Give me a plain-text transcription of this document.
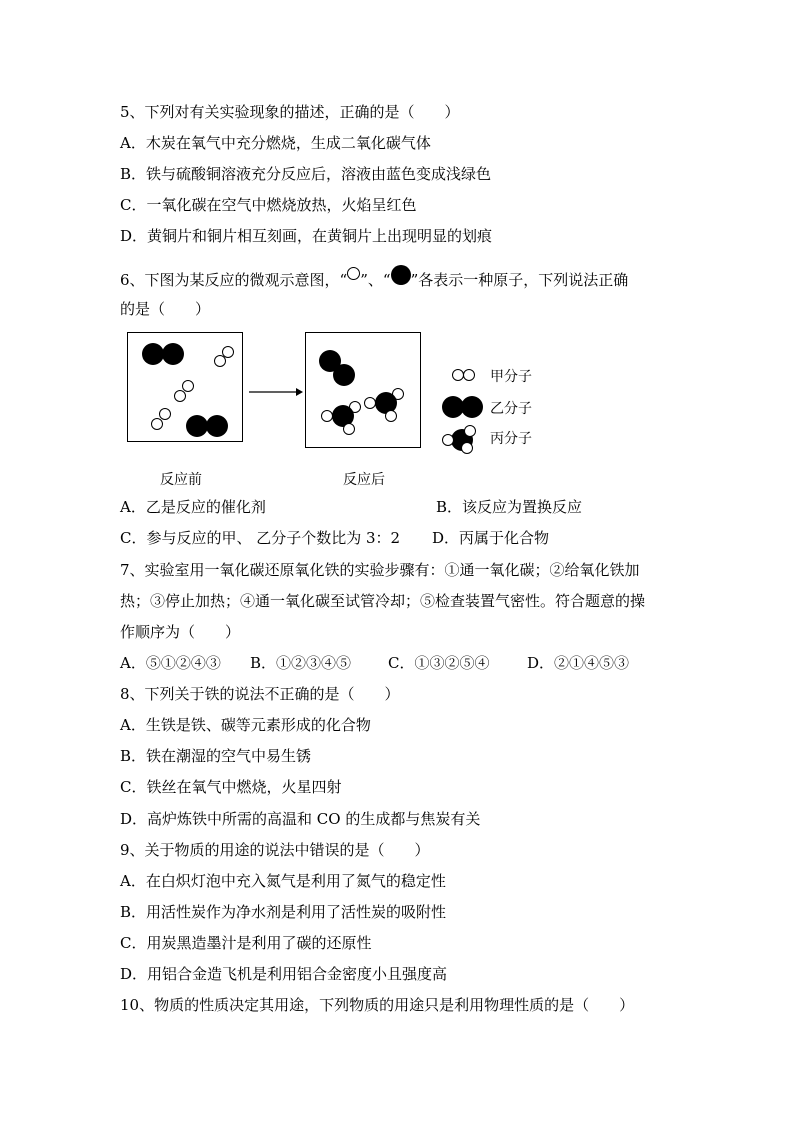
5、下列对有关实验现象的描述，正确的是（　　）
A．木炭在氧气中充分燃烧，生成二氧化碳气体
B．铁与硫酸铜溶液充分反应后，溶液由蓝色变成浅绿色
C．一氧化碳在空气中燃烧放热，火焰呈红色
D．黄铜片和铜片相互刻画，在黄铜片上出现明显的划痕
6、下图为某反应的微观示意图，“ ”、“ ”各表示一种原子，下列说法正确
的是（　　）
甲分子
乙分子
丙分子
反应前	反应后
A．乙是反应的催化剂	B．该反应为置换反应
C．参与反应的甲、 乙分子个数比为 3：2 D．丙属于化合物
7、实验室用一氧化碳还原氧化铁的实验步骤有：①通一氧化碳；②给氧化铁加
热；③停止加热；④通一氧化碳至试管冷却；⑤检查装置气密性。符合题意的操
作顺序为（　　）
A．⑤①②④③ B．①②③④⑤ C．①③②⑤④	D．②①④⑤③
8、下列关于铁的说法不正确的是（　　）
A．生铁是铁、碳等元素形成的化合物
B．铁在潮湿的空气中易生锈
C．铁丝在氧气中燃烧，火星四射
D．高炉炼铁中所需的高温和 CO 的生成都与焦炭有关
9、关于物质的用途的说法中错误的是（　　）
A．在白炽灯泡中充入氮气是利用了氮气的稳定性
B．用活性炭作为净水剂是利用了活性炭的吸附性
C．用炭黑造墨汁是利用了碳的还原性
D．用铝合金造飞机是利用铝合金密度小且强度高
10、物质的性质决定其用途，下列物质的用途只是利用物理性质的是（　　）
